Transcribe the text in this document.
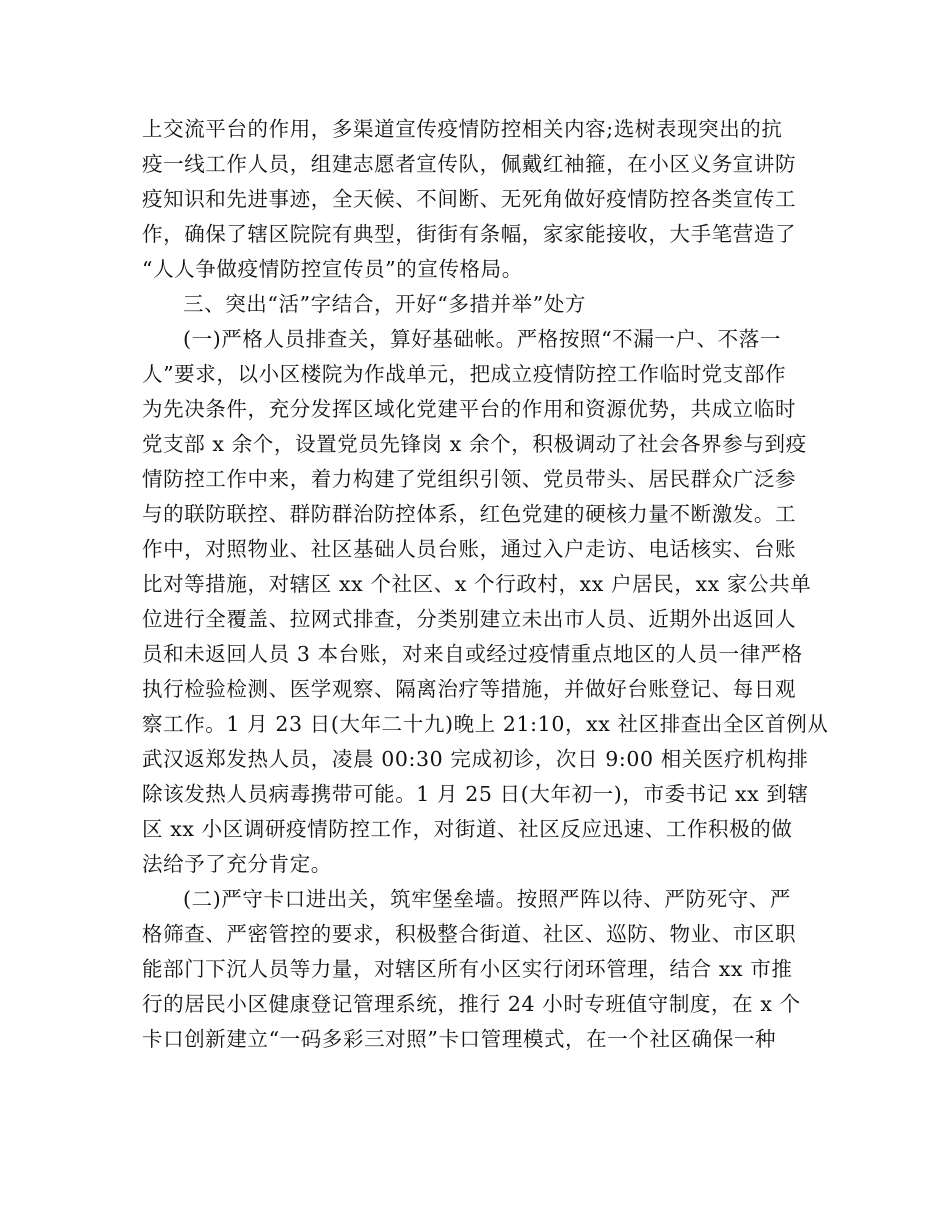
上交流平台的作用，多渠道宣传疫情防控相关内容;选树表现突出的抗
疫一线工作人员，组建志愿者宣传队，佩戴红袖箍，在小区义务宣讲防
疫知识和先进事迹，全天候、不间断、无死角做好疫情防控各类宣传工
作，确保了辖区院院有典型，街街有条幅，家家能接收，大手笔营造了
“人人争做疫情防控宣传员”的宣传格局。
三、突出“活”字结合，开好“多措并举”处方
(一)严格人员排查关，算好基础帐。严格按照“不漏一户、不落一
人”要求，以小区楼院为作战单元，把成立疫情防控工作临时党支部作
为先决条件，充分发挥区域化党建平台的作用和资源优势，共成立临时
党支部 x 余个，设置党员先锋岗 x 余个，积极调动了社会各界参与到疫
情防控工作中来，着力构建了党组织引领、党员带头、居民群众广泛参
与的联防联控、群防群治防控体系，红色党建的硬核力量不断激发。工
作中，对照物业、社区基础人员台账，通过入户走访、电话核实、台账
比对等措施，对辖区 xx 个社区、x 个行政村，xx 户居民，xx 家公共单
位进行全覆盖、拉网式排查，分类别建立未出市人员、近期外出返回人
员和未返回人员 3 本台账，对来自或经过疫情重点地区的人员一律严格
执行检验检测、医学观察、隔离治疗等措施，并做好台账登记、每日观
察工作。1 月 23 日(大年二十九)晚上 21:10，xx 社区排查出全区首例从
武汉返郑发热人员，凌晨 00:30 完成初诊，次日 9:00 相关医疗机构排
除该发热人员病毒携带可能。1 月 25 日(大年初一)，市委书记 xx 到辖
区 xx 小区调研疫情防控工作，对街道、社区反应迅速、工作积极的做
法给予了充分肯定。
(二)严守卡口进出关，筑牢堡垒墙。按照严阵以待、严防死守、严
格筛查、严密管控的要求，积极整合街道、社区、巡防、物业、市区职
能部门下沉人员等力量，对辖区所有小区实行闭环管理，结合 xx 市推
行的居民小区健康登记管理系统，推行 24 小时专班值守制度，在 x 个
卡口创新建立“一码多彩三对照”卡口管理模式，在一个社区确保一种
